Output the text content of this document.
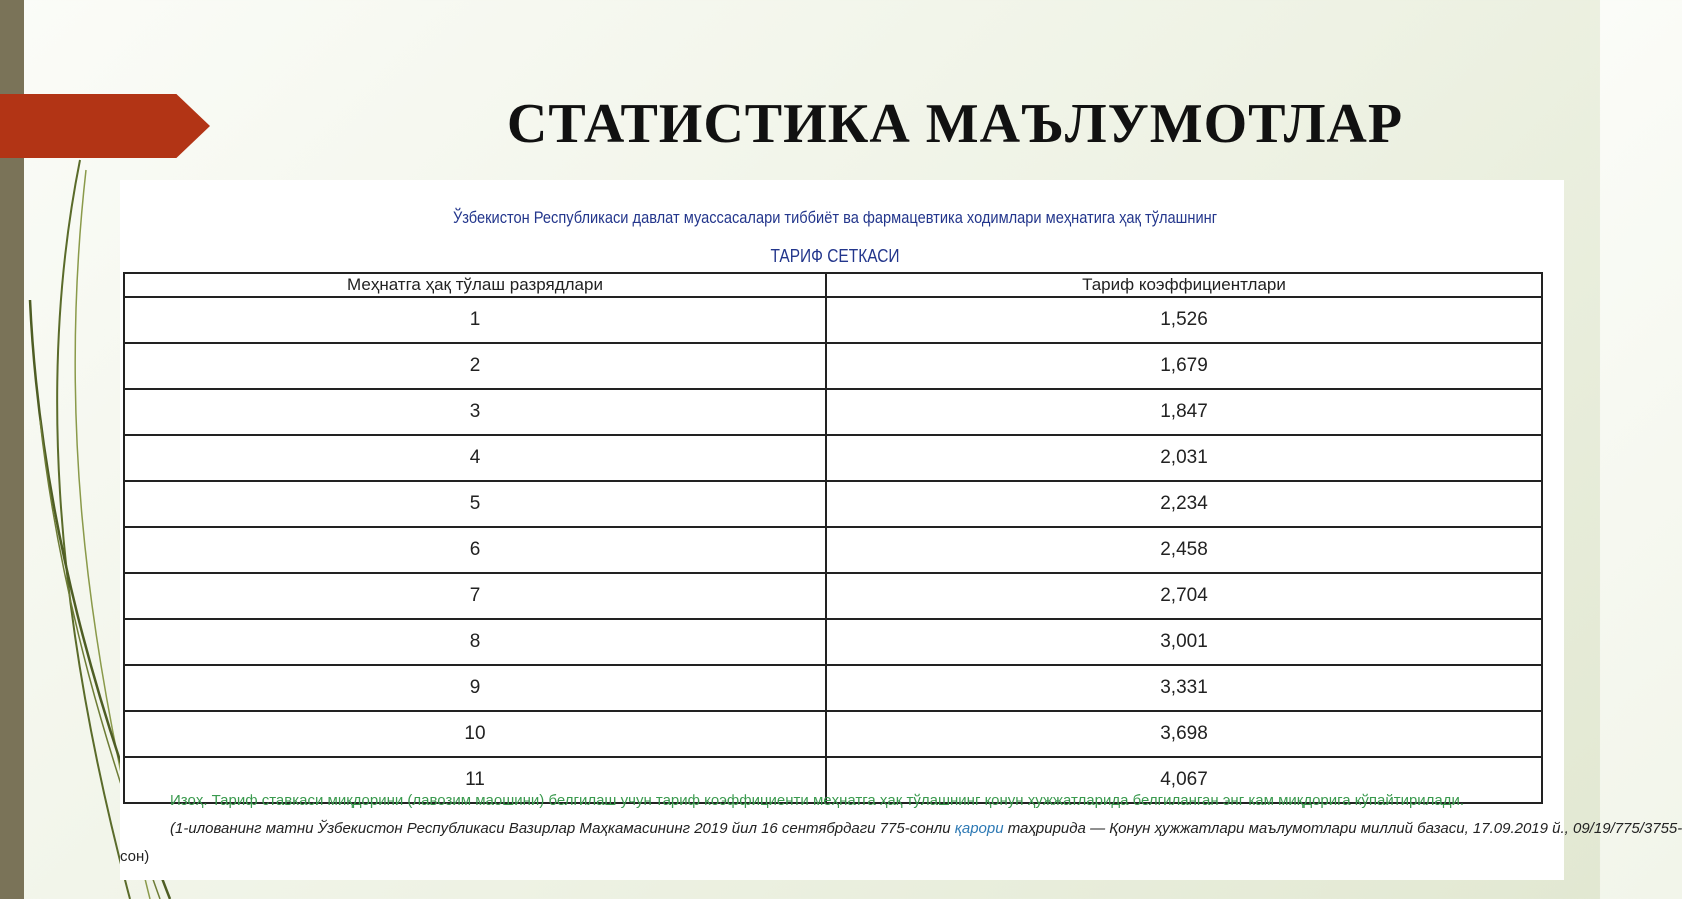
СТАТИСТИКА МАЪЛУМОТЛАР
Ўзбекистон Республикаси давлат муассасалари тиббиёт ва фармацевтика ходимлари меҳнатига ҳақ тўлашнинг
ТАРИФ СЕТКАСИ
Меҳнатга ҳақ тўлаш разрядлари	Тариф коэффициентлари
1	1,526
2	1,679
3	1,847
4	2,031
5	2,234
6	2,458
7	2,704
8	3,001
9	3,331
10	3,698
11	4,067
Изоҳ. Тариф ставкаси миқдорини (лавозим маошини) белгилаш учун тариф коэффициенти меҳнатга ҳақ тўлашнинг қонун ҳужжатларида белгиланган энг кам миқдорига кўпайтирилади.
(1-илованинг матни Ўзбекистон Республикаси Вазирлар Маҳкамасининг 2019 йил 16 сентябрдаги 775-сонли қарори таҳририда — Қонун ҳужжатлари маълумотлари миллий базаси, 17.09.2019 й., 09/19/775/3755-
сон)
